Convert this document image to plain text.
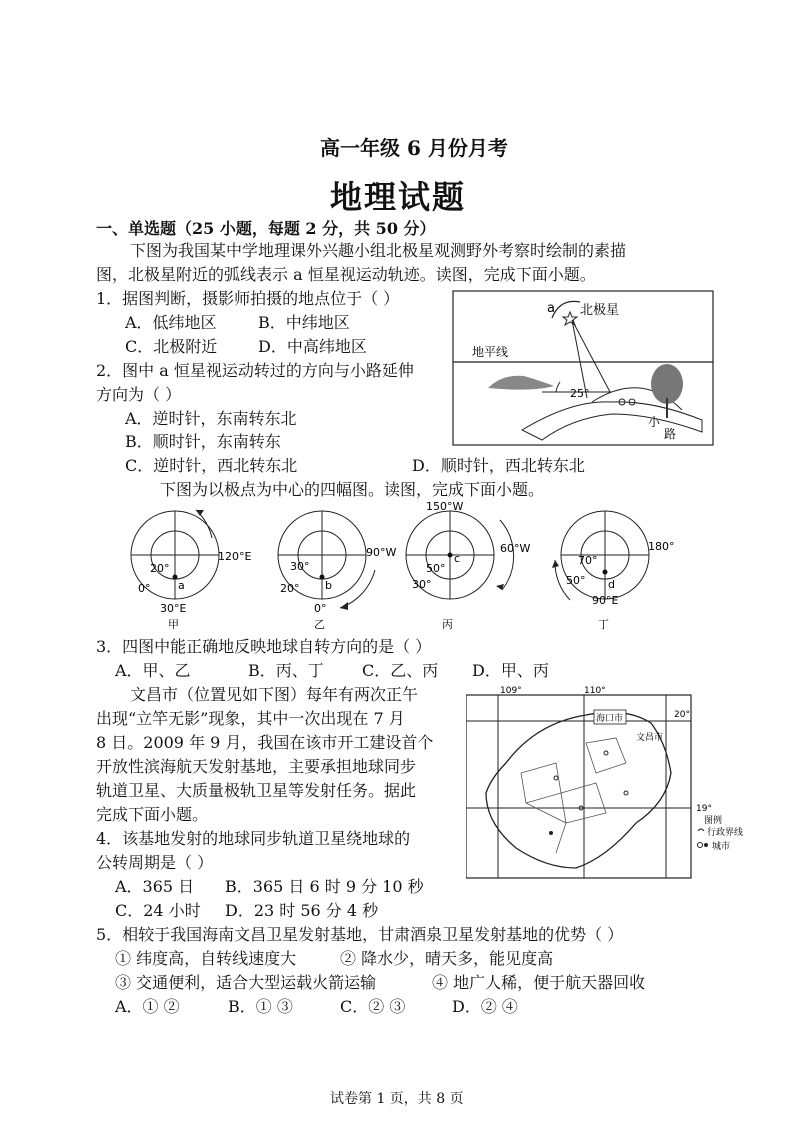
高一年级 6 月份月考
地理试题
一、单选题（25 小题，每题 2 分，共 50 分）
下图为我国某中学地理课外兴趣小组北极星观测野外考察时绘制的素描
图，北极星附近的弧线表示 a 恒星视运动轨迹。读图，完成下面小题。
1．据图判断，摄影师拍摄的地点位于（ ）
A．低纬地区	B．中纬地区
C．北极附近	D．中高纬地区
2．图中 a 恒星视运动转过的方向与小路延伸
方向为（ ）
A．逆时针，东南转东北
B．顺时针，东南转东
C．逆时针，西北转东北	D．顺时针，西北转东北
a 北极星
地平线
25°
小
路
下图为以极点为中心的四幅图。读图，完成下面小题。
20°
0°	a
120°E
30°E
甲
30°
20° b
90°W
0°
乙
150°W
50°
30°
c
60°W
丙
70°
50° d
180°
90°E
丁
3．四图中能正确地反映地球自转方向的是（ ）
A．甲、乙	B．丙、丁 C．乙、丙 D．甲、丙
文昌市（位置见如下图）每年有两次正午
出现“立竿无影”现象，其中一次出现在 7 月
8 日。2009 年 9 月，我国在该市开工建设首个
开放性滨海航天发射基地，主要承担地球同步
轨道卫星、大质量极轨卫星等发射任务。据此
完成下面小题。
109°	110°
20°
19°
海口市
文昌市
图例
行政界线
城市
4．该基地发射的地球同步轨道卫星绕地球的
公转周期是（ ）
A．365 日 B．365 日 6 时 9 分 10 秒
C．24 小时 D．23 时 56 分 4 秒
5．相较于我国海南文昌卫星发射基地，甘肃酒泉卫星发射基地的优势（ ）
① 纬度高，自转线速度大	② 降水少，晴天多，能见度高
③ 交通便利，适合大型运载火箭运输	④ 地广人稀，便于航天器回收
A．① ②	B．① ③	C．② ③	D．② ④
试卷第 1 页，共 8 页
